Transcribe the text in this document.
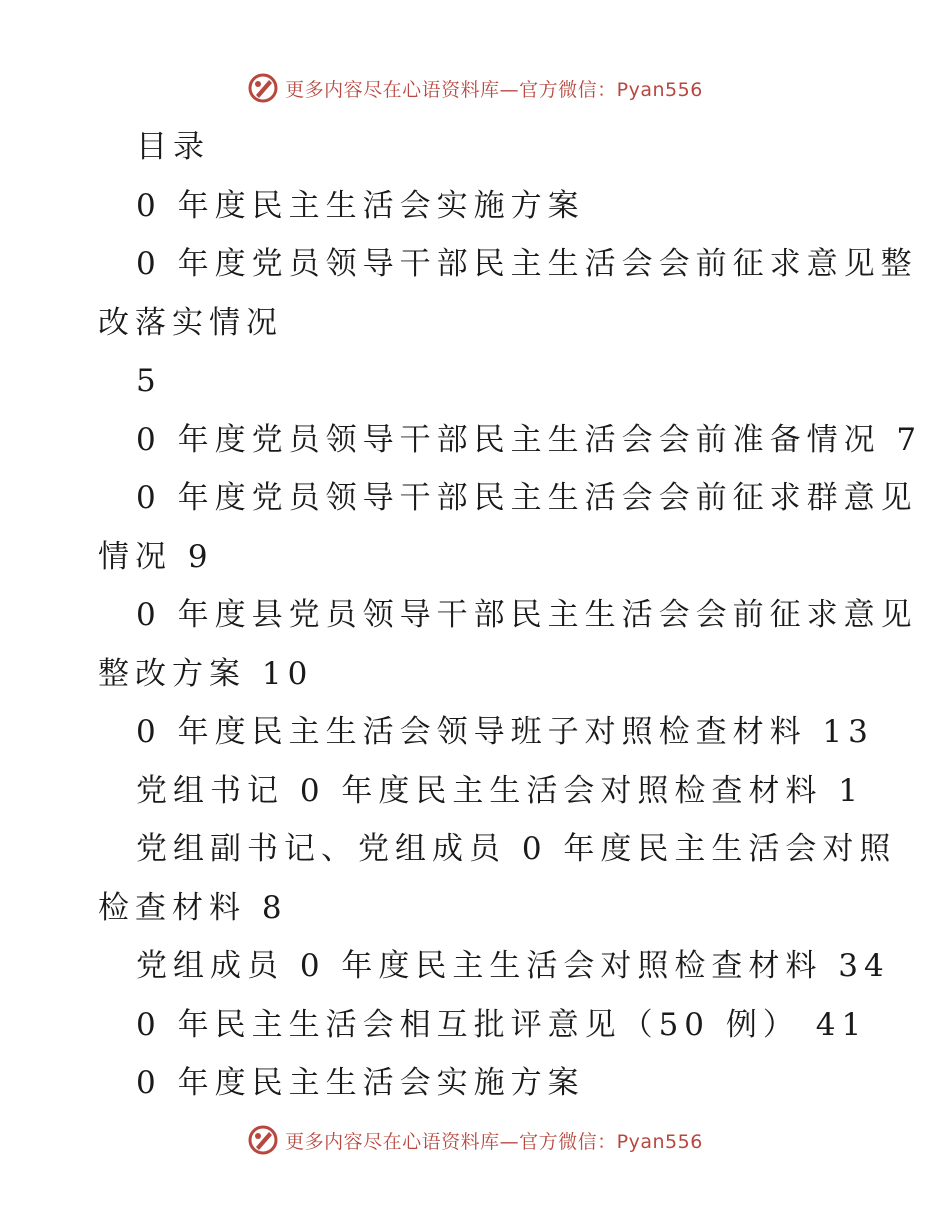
更多内容尽在心语资料库—官方微信：Pyan556
目录
0 年度民主生活会实施方案
0 年度党员领导干部民主生活会会前征求意见整
改落实情况
5
0 年度党员领导干部民主生活会会前准备情况 7
0 年度党员领导干部民主生活会会前征求群意见
情况 9
0 年度县党员领导干部民主生活会会前征求意见
整改方案 10
0 年度民主生活会领导班子对照检查材料 13
党组书记 0 年度民主生活会对照检查材料 1
党组副书记、党组成员 0 年度民主生活会对照
检查材料 8
党组成员 0 年度民主生活会对照检查材料 34
0 年民主生活会相互批评意见（50 例） 41
0 年度民主生活会实施方案
更多内容尽在心语资料库—官方微信：Pyan556
